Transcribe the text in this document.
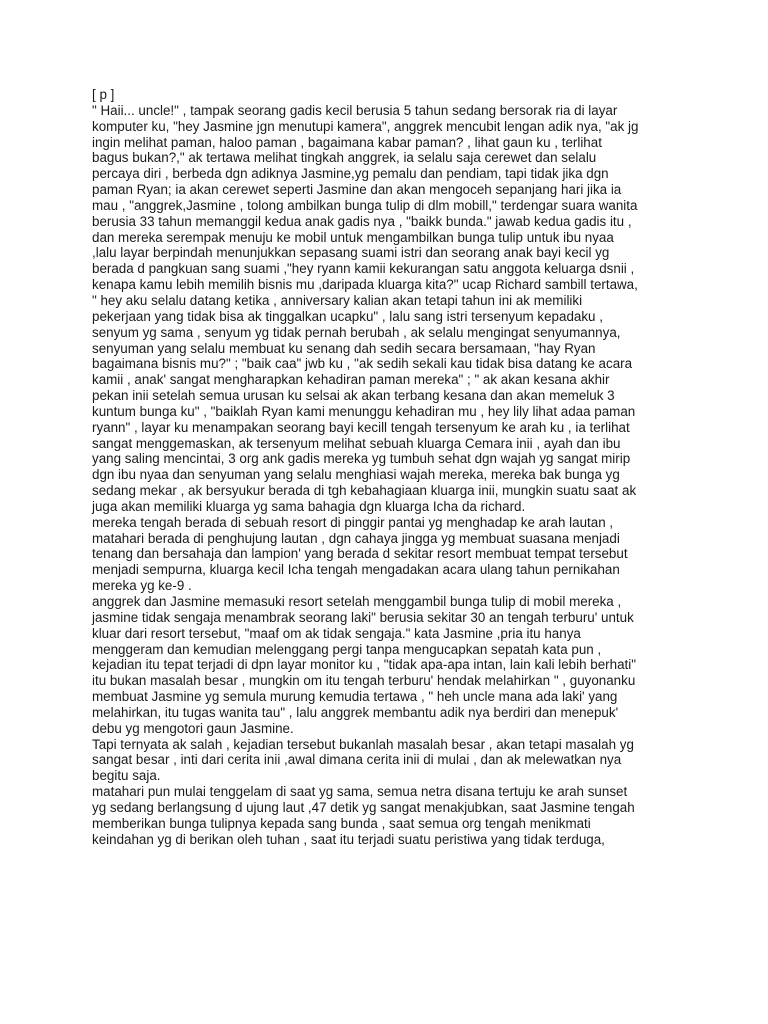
[ p ]
" Haii... uncle!" , tampak seorang gadis kecil berusia 5 tahun sedang bersorak ria di layar
komputer ku, "hey Jasmine jgn menutupi kamera", anggrek mencubit lengan adik nya, "ak jg
ingin melihat paman, haloo paman , bagaimana kabar paman? , lihat gaun ku , terlihat
bagus bukan?," ak tertawa melihat tingkah anggrek, ia selalu saja cerewet dan selalu
percaya diri , berbeda dgn adiknya Jasmine,yg pemalu dan pendiam, tapi tidak jika dgn
paman Ryan; ia akan cerewet seperti Jasmine dan akan mengoceh sepanjang hari jika ia
mau , "anggrek,Jasmine , tolong ambilkan bunga tulip di dlm mobill," terdengar suara wanita
berusia 33 tahun memanggil kedua anak gadis nya , "baikk bunda." jawab kedua gadis itu ,
dan mereka serempak menuju ke mobil untuk mengambilkan bunga tulip untuk ibu nyaa
,lalu layar berpindah menunjukkan sepasang suami istri dan seorang anak bayi kecil yg
berada d pangkuan sang suami ,"hey ryann kamii kekurangan satu anggota keluarga dsnii ,
kenapa kamu lebih memilih bisnis mu ,daripada kluarga kita?" ucap Richard sambill tertawa,
" hey aku selalu datang ketika , anniversary kalian akan tetapi tahun ini ak memiliki
pekerjaan yang tidak bisa ak tinggalkan ucapku" , lalu sang istri tersenyum kepadaku ,
senyum yg sama , senyum yg tidak pernah berubah , ak selalu mengingat senyumannya,
senyuman yang selalu membuat ku senang dah sedih secara bersamaan, "hay Ryan
bagaimana bisnis mu?" ; "baik caa" jwb ku , "ak sedih sekali kau tidak bisa datang ke acara
kamii , anak' sangat mengharapkan kehadiran paman mereka" ; " ak akan kesana akhir
pekan inii setelah semua urusan ku selsai ak akan terbang kesana dan akan memeluk 3
kuntum bunga ku" , "baiklah Ryan kami menunggu kehadiran mu , hey lily lihat adaa paman
ryann" , layar ku menampakan seorang bayi kecill tengah tersenyum ke arah ku , ia terlihat
sangat menggemaskan, ak tersenyum melihat sebuah kluarga Cemara inii , ayah dan ibu
yang saling mencintai, 3 org ank gadis mereka yg tumbuh sehat dgn wajah yg sangat mirip
dgn ibu nyaa dan senyuman yang selalu menghiasi wajah mereka, mereka bak bunga yg
sedang mekar , ak bersyukur berada di tgh kebahagiaan kluarga inii, mungkin suatu saat ak
juga akan memiliki kluarga yg sama bahagia dgn kluarga Icha da richard.
mereka tengah berada di sebuah resort di pinggir pantai yg menghadap ke arah lautan ,
matahari berada di penghujung lautan , dgn cahaya jingga yg membuat suasana menjadi
tenang dan bersahaja dan lampion' yang berada d sekitar resort membuat tempat tersebut
menjadi sempurna, kluarga kecil Icha tengah mengadakan acara ulang tahun pernikahan
mereka yg ke-9 .
anggrek dan Jasmine memasuki resort setelah menggambil bunga tulip di mobil mereka ,
jasmine tidak sengaja menambrak seorang laki" berusia sekitar 30 an tengah terburu' untuk
kluar dari resort tersebut, "maaf om ak tidak sengaja." kata Jasmine ,pria itu hanya
menggeram dan kemudian melenggang pergi tanpa mengucapkan sepatah kata pun ,
kejadian itu tepat terjadi di dpn layar monitor ku , "tidak apa-apa intan, lain kali lebih berhati"
itu bukan masalah besar , mungkin om itu tengah terburu' hendak melahirkan " , guyonanku
membuat Jasmine yg semula murung kemudia tertawa , " heh uncle mana ada laki' yang
melahirkan, itu tugas wanita tau" , lalu anggrek membantu adik nya berdiri dan menepuk'
debu yg mengotori gaun Jasmine.
Tapi ternyata ak salah , kejadian tersebut bukanlah masalah besar , akan tetapi masalah yg
sangat besar , inti dari cerita inii ,awal dimana cerita inii di mulai , dan ak melewatkan nya
begitu saja.
matahari pun mulai tenggelam di saat yg sama, semua netra disana tertuju ke arah sunset
yg sedang berlangsung d ujung laut ,47 detik yg sangat menakjubkan, saat Jasmine tengah
memberikan bunga tulipnya kepada sang bunda , saat semua org tengah menikmati
keindahan yg di berikan oleh tuhan , saat itu terjadi suatu peristiwa yang tidak terduga,
